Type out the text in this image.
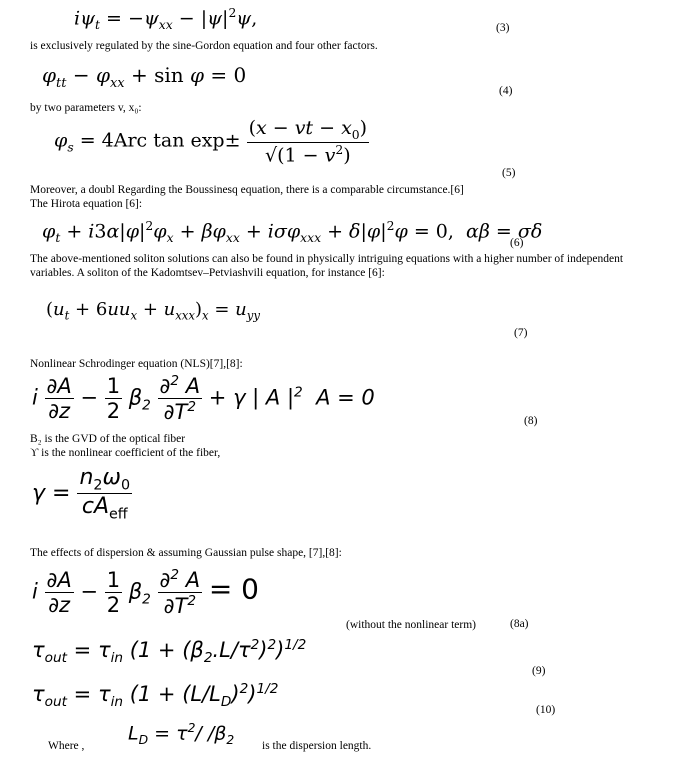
$i\psi_t = -\psi_{xx} - |\psi|^2\psi$,	(3)
is exclusively regulated by the sine-Gordon equation and four other factors.
$\varphi_{tt} - \varphi_{xx} + \sin \varphi = 0$
(4)
by two parameters v, x₀:
$\varphi_s = 4Arc$ $\tan \exp\pm \frac{(x - vt - x_0)}{√(1 - v^2)}$
(5)
Moreover, a doubl Regarding the Boussinesq equation, there is a comparable circumstance.[6]
The Hirota equation [6]:
$\varphi_t + i3\alpha|\varphi|^2\varphi_x + \beta\varphi_{xx} + i\sigma\varphi_{xxx} + \delta|\varphi|^2\varphi = 0$,  αβ = σδ
(6)
The above-mentioned soliton solutions can also be found in physically intriguing equations with a higher number of independent
variables. A soliton of the Kadomtsev–Petviashvili equation, for instance [6]:
$(u_t + 6uu_x + u_{xxx})_x = u_{yy}$
(7)
Nonlinear Schrodinger equation (NLS)[7],[8]:
i $\frac{\partial A}{\partial z} - \frac{1}{2} \beta_2 \frac{\partial^2 A}{\partial T^2} + \gamma$ | A $|^2$  A = 0
(8)
B₂ is the GVD of the optical fiber
ϒ is the nonlinear coefficient of the fiber,
$\gamma = \frac{n_2\omega_0}{cA_{eff}}$
The effects of dispersion & assuming Gaussian pulse shape, [7],[8]:
i $\frac{\partial A}{\partial z} - \frac{1}{2} \beta_2 \frac{\partial^2 A}{\partial T^2} = 0$
(without the nonlinear term)	(8a)
$\tau_{out} = \tau_{in}$ $(1 + (\beta_2.L/\tau^2)^2)^{1/2}$
(9)
$\tau_{out} = \tau_{in}$ $(1 + (L/L_D)^2)^{1/2}$
(10)
Where ,
$L_D = \tau^2/$ $/\beta_2$ is the dispersion length.
